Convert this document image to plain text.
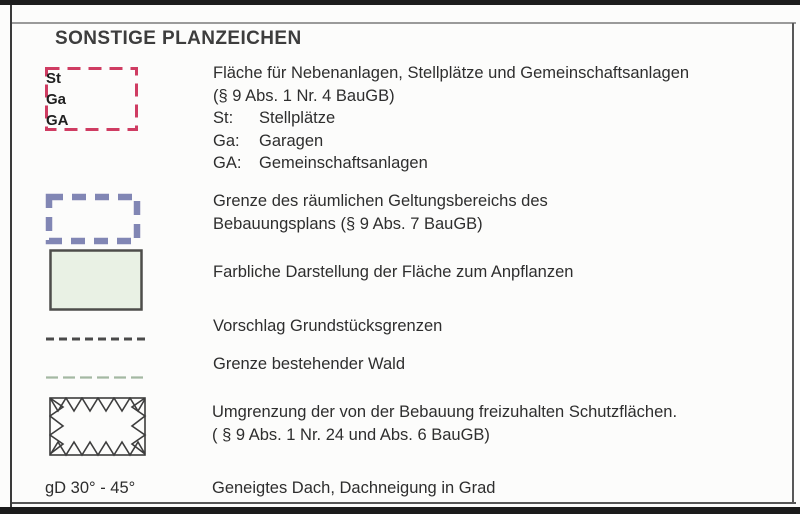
SONSTIGE PLANZEICHEN
St
Ga
GA
Fläche für Nebenanlagen, Stellplätze und Gemeinschaftsanlagen
(§ 9 Abs. 1 Nr. 4 BauGB)
St: Stellplätze
Ga: Garagen
GA: Gemeinschaftsanlagen
Grenze des räumlichen Geltungsbereichs des
Bebauungsplans (§ 9 Abs. 7 BauGB)
Farbliche Darstellung der Fläche zum Anpflanzen
Vorschlag Grundstücksgrenzen
Grenze bestehender Wald
Umgrenzung der von der Bebauung freizuhalten Schutzflächen.
( § 9 Abs. 1 Nr. 24 und Abs. 6 BauGB)
gD 30° - 45°	Geneigtes Dach, Dachneigung in Grad
